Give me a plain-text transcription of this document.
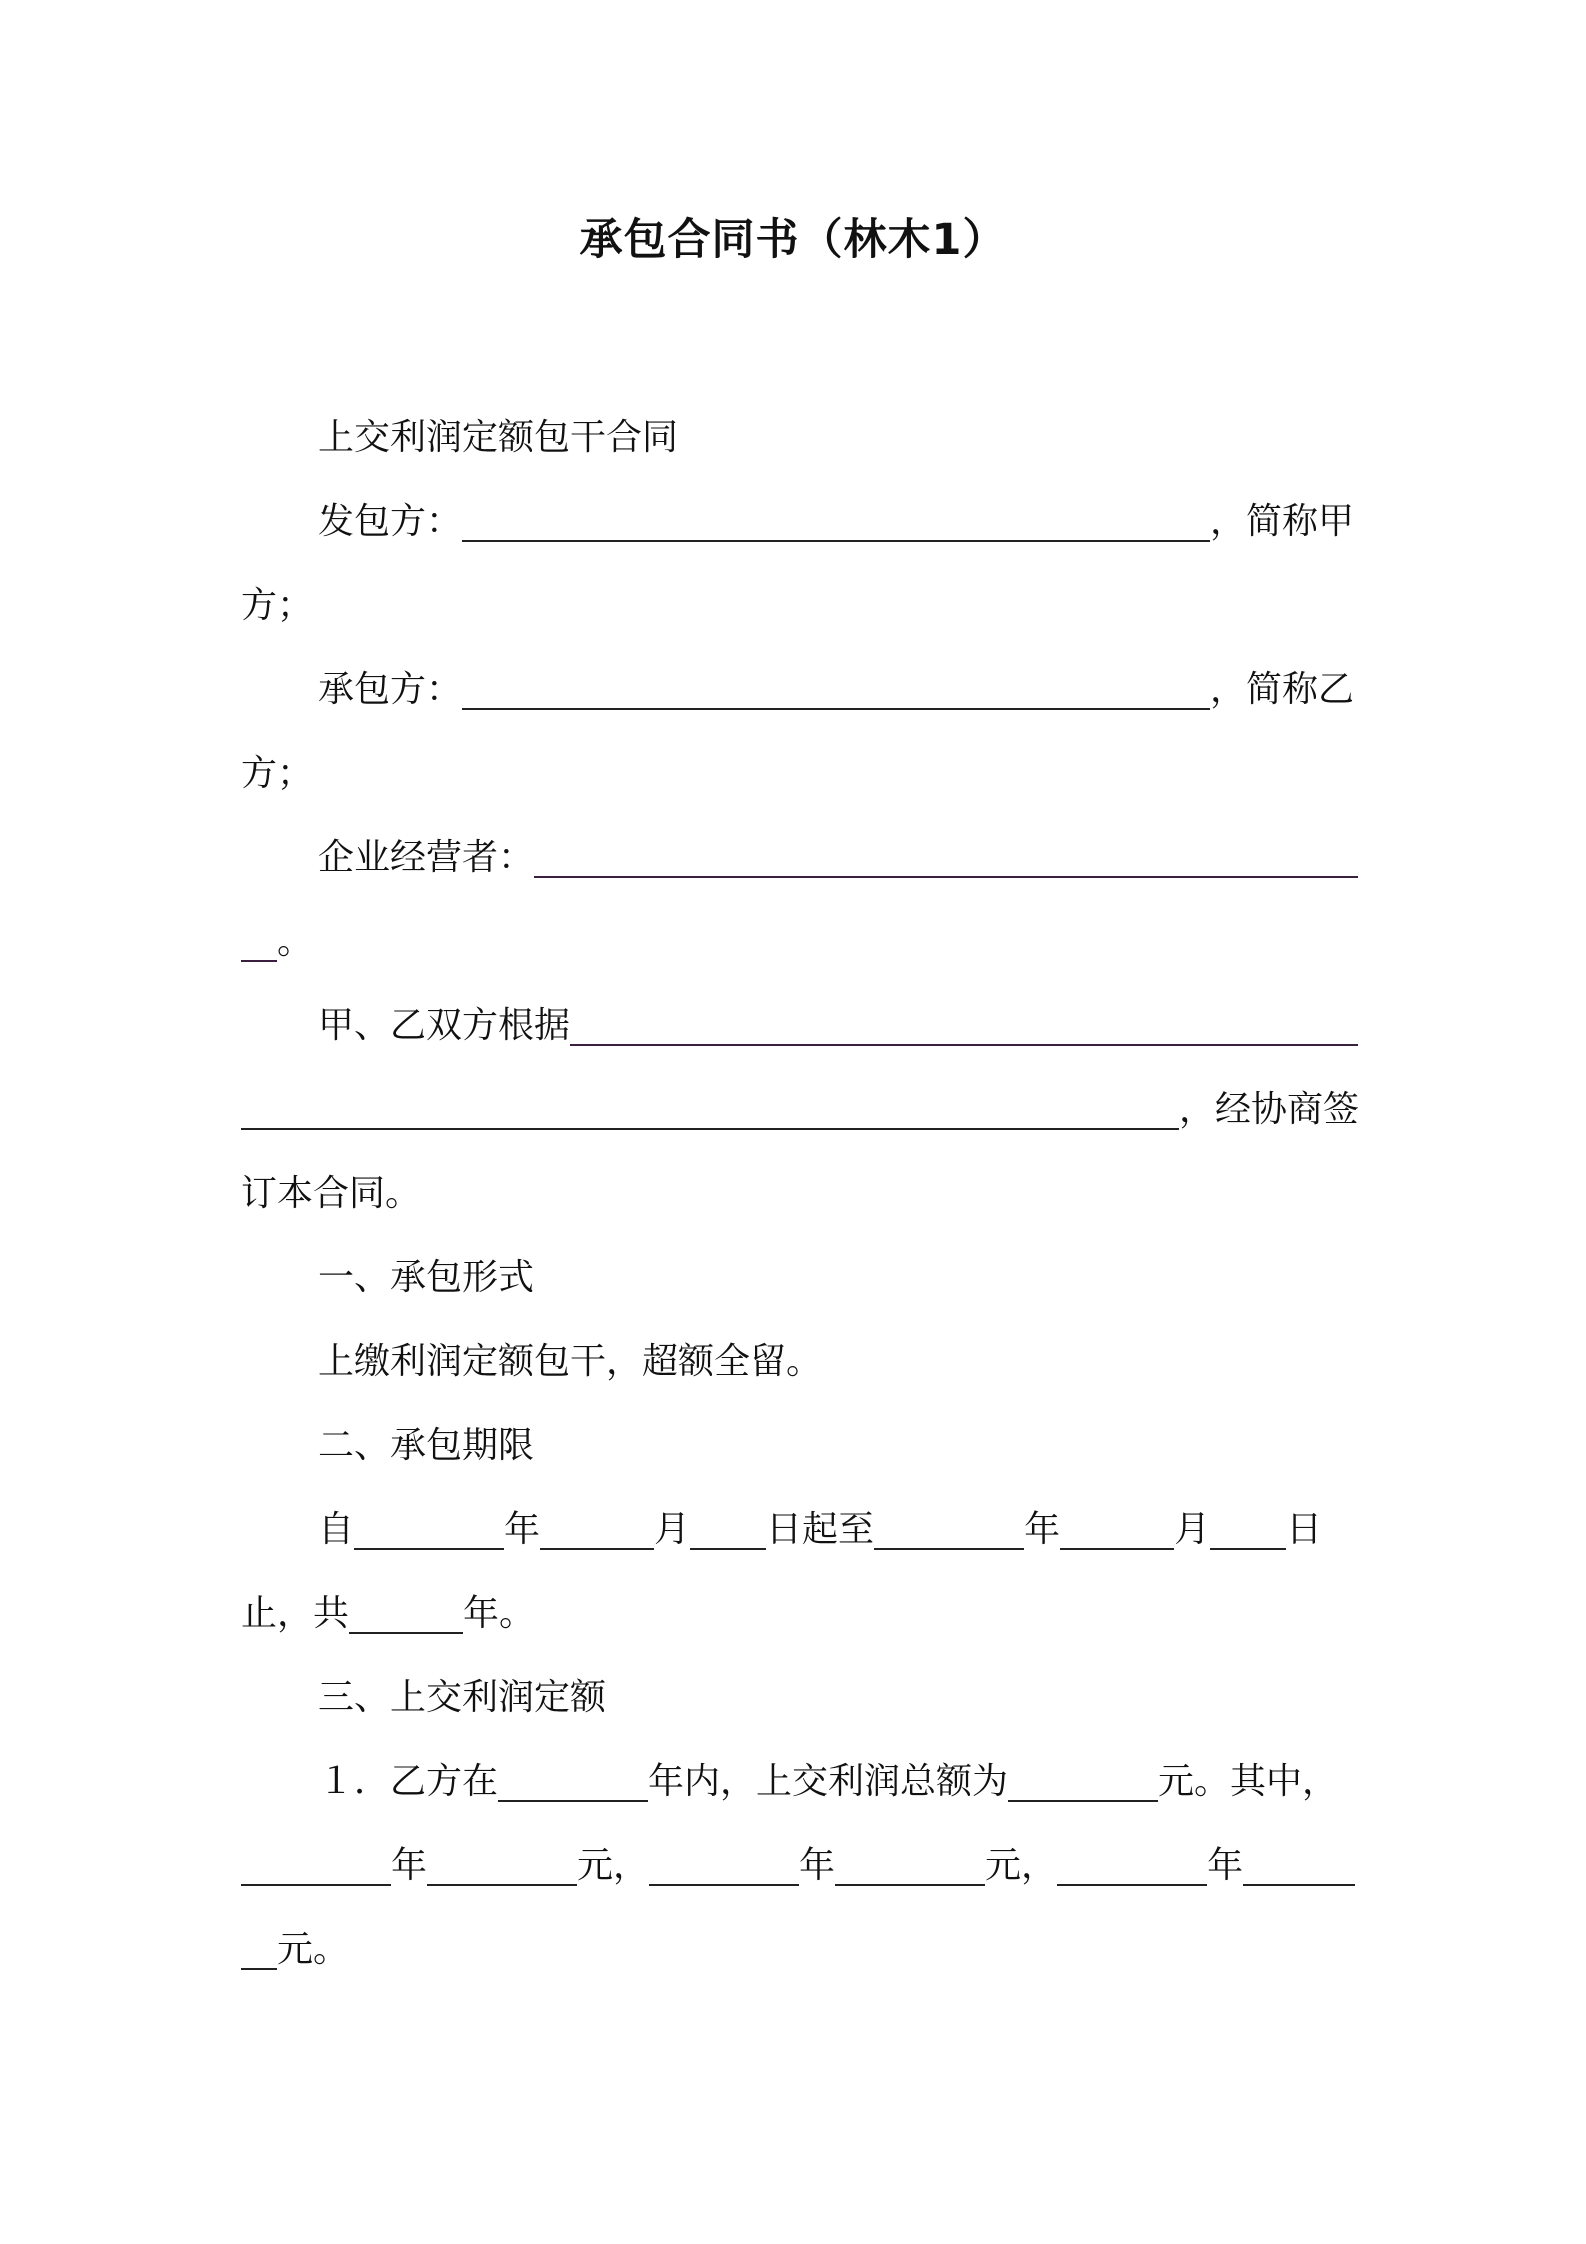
承包合同书（林木1）
上交利润定额包干合同
发包方：	，简称甲
方；
承包方：	，简称乙
方；
企业经营者：
。
甲、乙双方根据
，经协商签
订本合同。
一、承包形式
上缴利润定额包干，超额全留。
二、承包期限
自	年	月 日起至	年	月 日
止，共	年。
三、上交利润定额
１． 乙方在	年内，上交利润总额为	元。其中，
年	元，	年	元，	年
元。
